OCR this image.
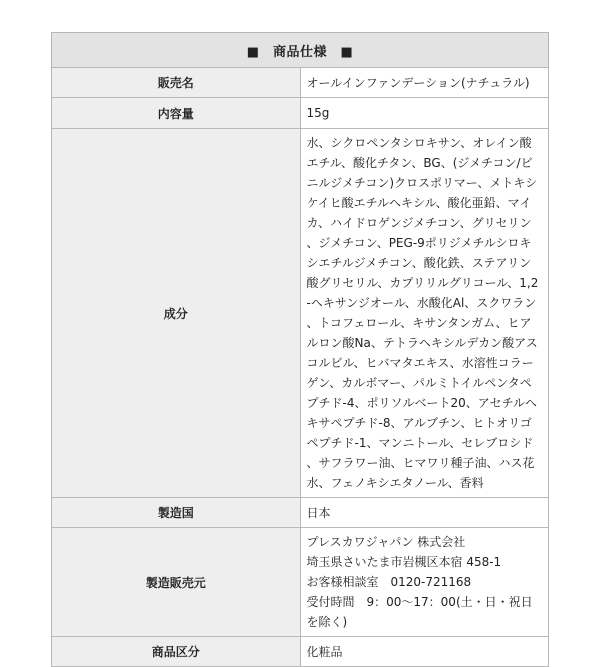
■　商品仕様　■	
販売名	オールインファンデーション(ナチュラル)
内容量	15g
成分	水、シクロペンタシロキサン、オレイン酸エチル、酸化チタン、BG、(ジメチコン/ビニルジメチコン)クロスポリマー、メトキシケイヒ酸エチルヘキシル、酸化亜鉛、マイカ、ハイドロゲンジメチコン、グリセリン、ジメチコン、PEG-9ポリジメチルシロキシエチルジメチコン、酸化鉄、ステアリン酸グリセリル、カプリリルグリコール、1,2-ヘキサンジオール、水酸化Al、スクワラン、トコフェロール、キサンタンガム、ヒアルロン酸Na、テトラヘキシルデカン酸アスコルビル、ヒバマタエキス、水溶性コラーゲン、カルボマー、パルミトイルペンタペプチド-4、ポリソルベート20、アセチルヘキサペプチド-8、アルブチン、ヒトオリゴペプチド-1、マンニトール、セレブロシド、サフラワー油、ヒマワリ種子油、ハス花水、フェノキシエタノール、香料
製造国	日本
製造販売元	プレスカワジャパン 株式会社
埼玉県さいたま市岩槻区本宿 458-1
お客様相談室　0120-721168
受付時間　9：00～17：00(土・日・祝日を除く)

商品区分	化粧品
